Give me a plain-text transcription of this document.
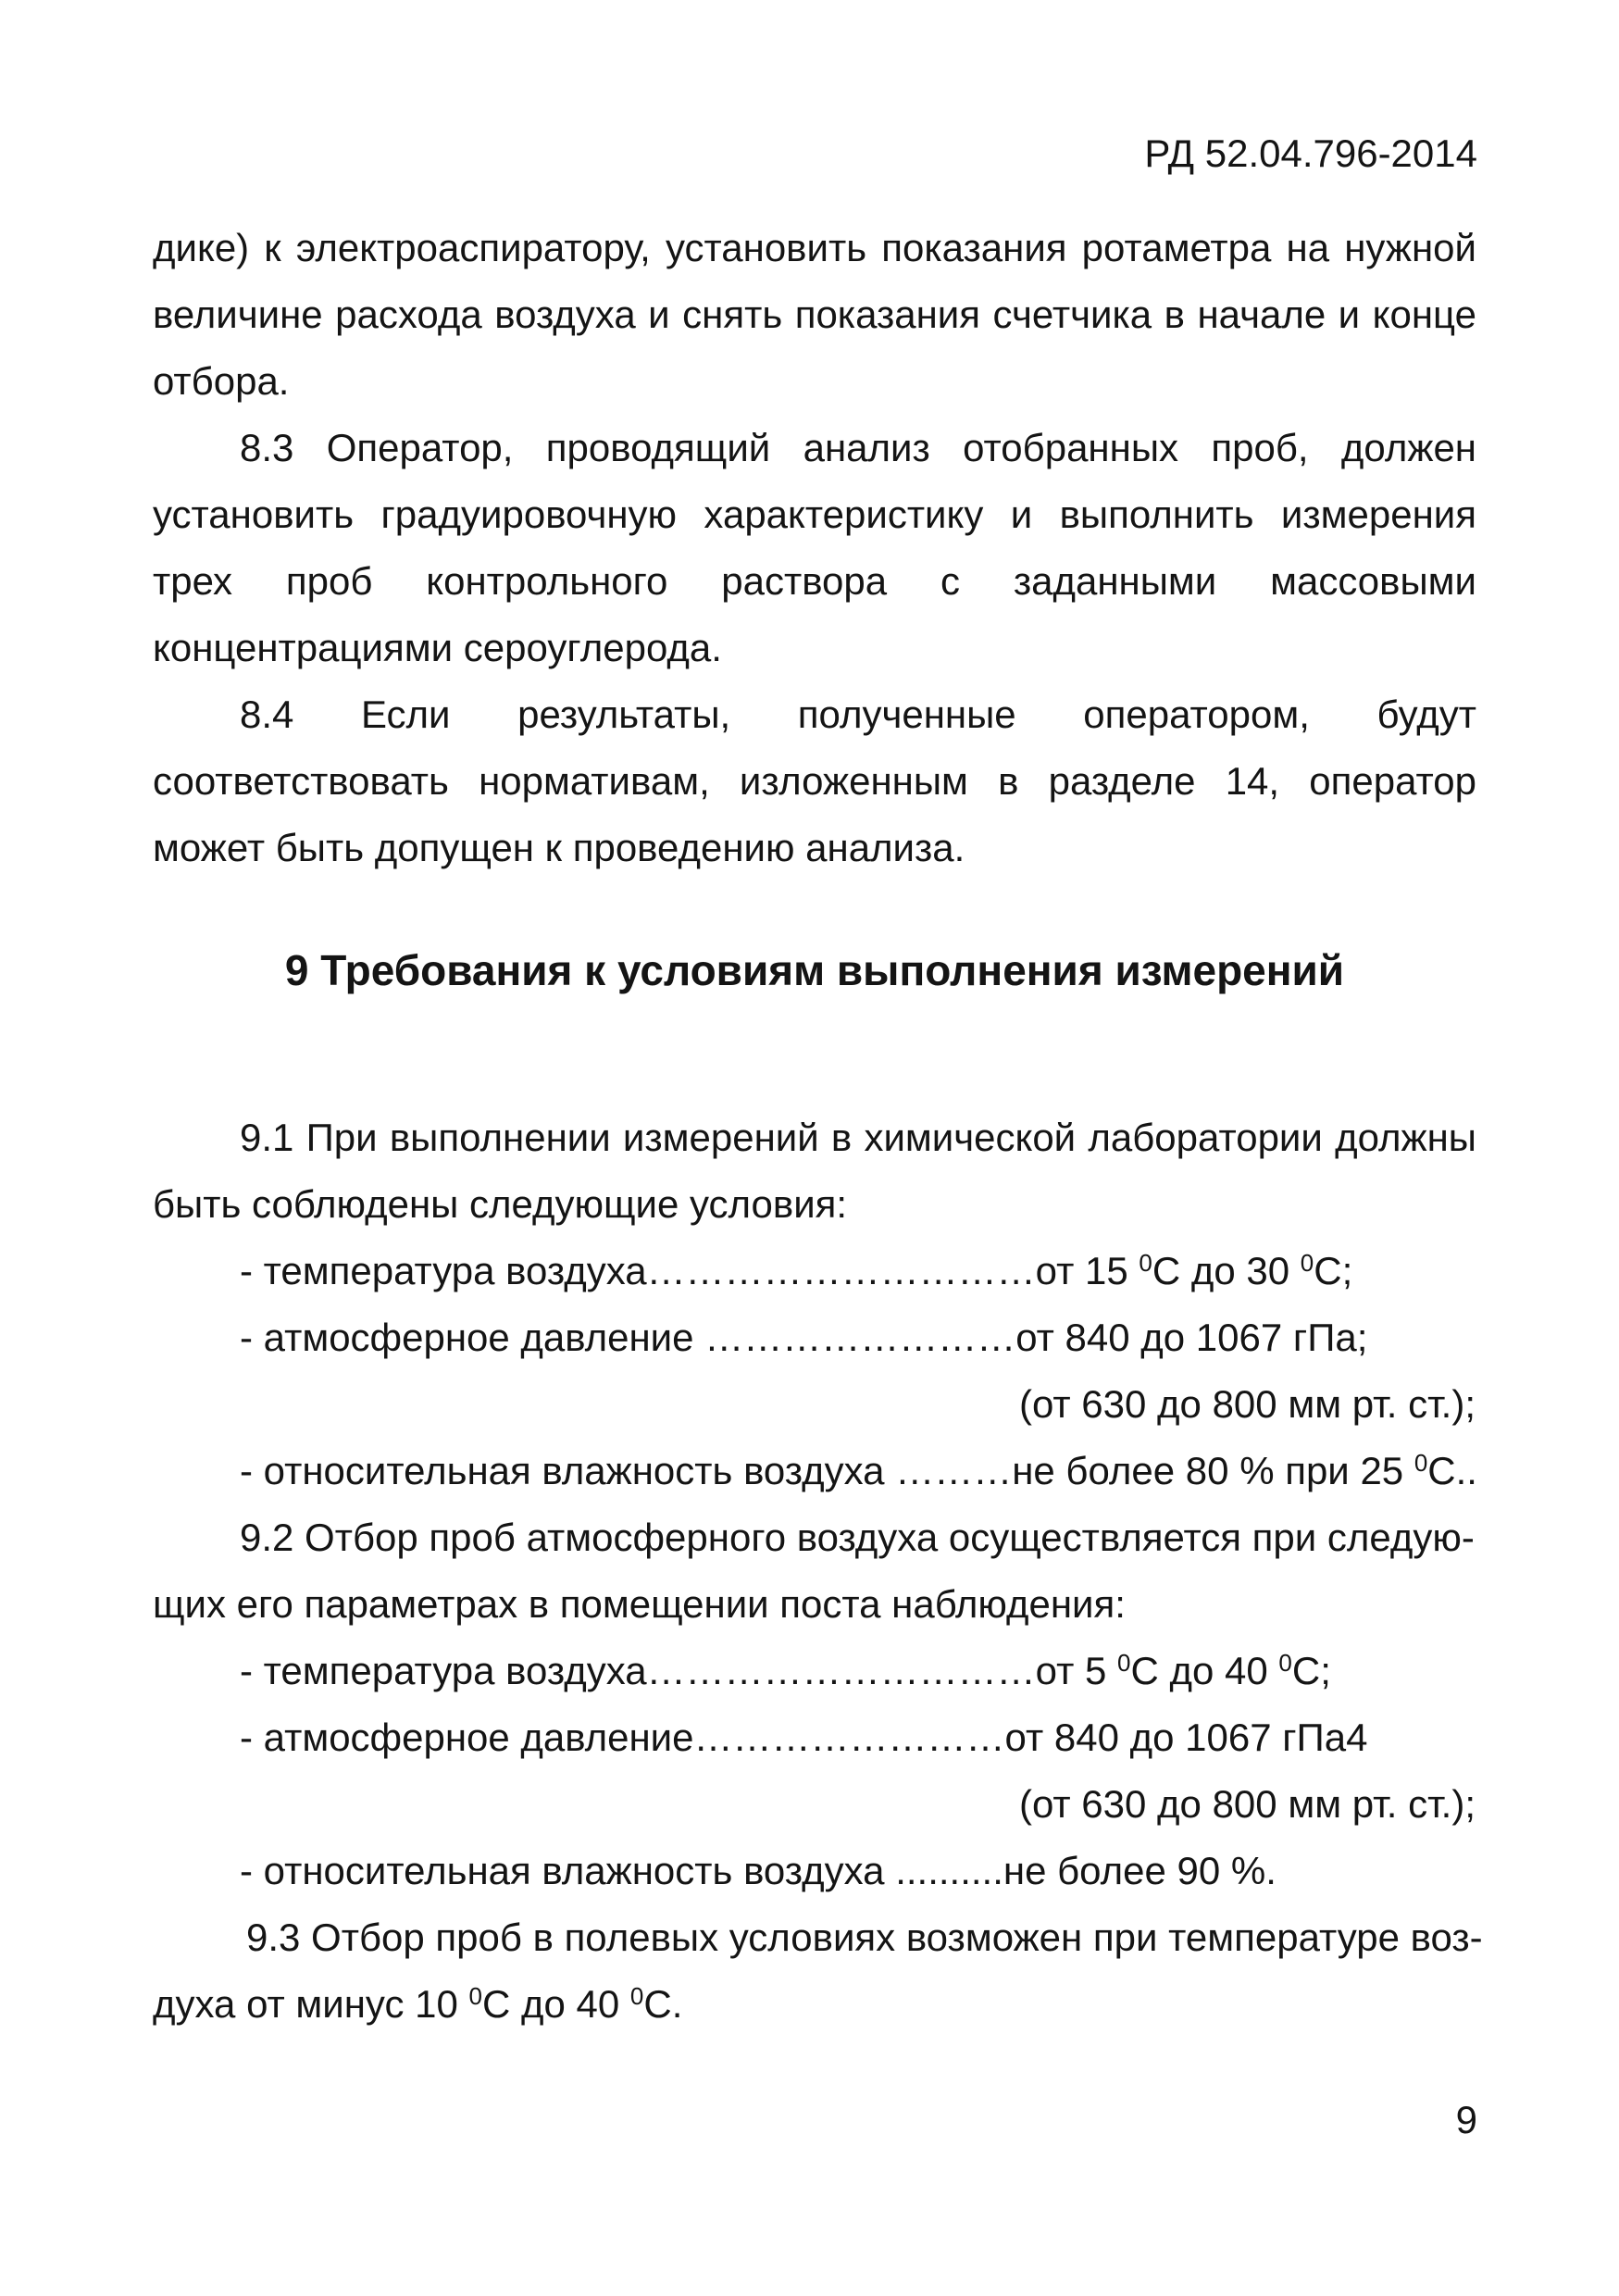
РД 52.04.796-2014

дике) к электроаспиратору, установить показания ротаметра на нужной величине расхода воздуха и снять показания счетчика в начале и конце отбора.

8.3 Оператор, проводящий анализ отобранных проб, должен установить градуировочную характеристику и выполнить измерения трех проб контрольного раствора с заданными массовыми концентрациями сероуглерода.

8.4 Если результаты, полученные оператором, будут соответствовать нормативам, изложенным в разделе 14, оператор может быть допущен к проведению анализа.

9 Требования к условиям выполнения измерений

9.1 При выполнении измерений в химической лаборатории должны быть соблюдены следующие условия:

- температура воздуха…………………………от 15 $^0$C до 30 $^0$C;
- атмосферное давление ……………………от 840 до 1067 гПа;
(от 630 до 800 мм рт. ст.);
- относительная влажность воздуха ………не более 80 % при 25 $^0$С..
9.2 Отбор проб атмосферного воздуха осуществляется при следую-
щих его параметрах в помещении поста наблюдения:
- температура воздуха…………………………от 5 $^0$C до 40 $^0$C;
- атмосферное давление……………………от 840 до 1067 гПа4
(от 630 до 800 мм рт. ст.);
- относительная влажность воздуха ..........не более 90 %.
9.3 Отбор проб в полевых условиях возможен при температуре воз-
духа от минус 10 $^0$C до 40 $^0$C.
9
